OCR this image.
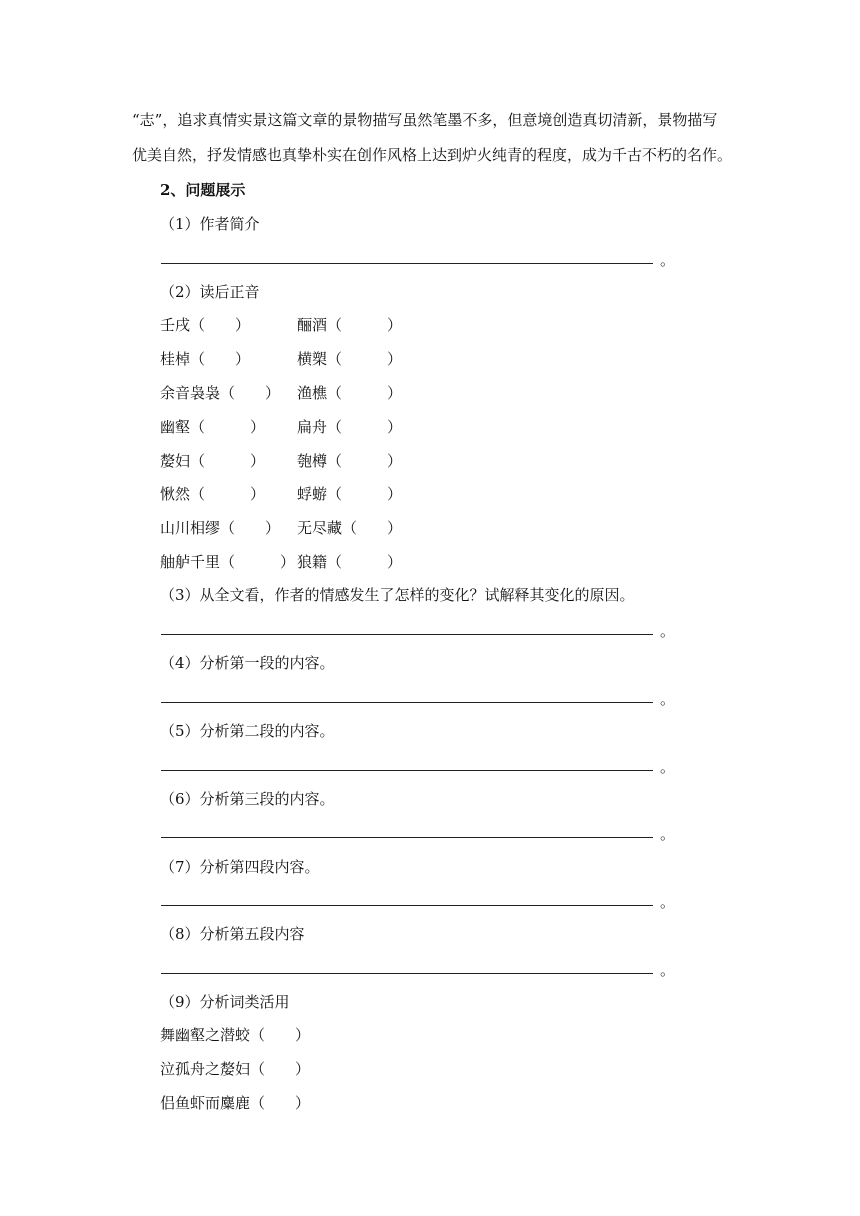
“志”，追求真情实景这篇文章的景物描写虽然笔墨不多，但意境创造真切清新，景物描写
优美自然，抒发情感也真挚朴实在创作风格上达到炉火纯青的程度，成为千古不朽的名作。
2、问题展示
（1）作者简介
。
（2）读后正音
壬戌（　　）	酾酒（　　　）
桂棹（　　）	横槊（　　　）
余音袅袅（　　） 渔樵（　　　）
幽壑（　　　） 扁舟（　　　）
嫠妇（　　　） 匏樽（　　　）
愀然（　　　） 蜉蝣（　　　）
山川相缪（　　） 无尽藏（　　）
舳舻千里（　　　） 狼籍（　　　）
（3）从全文看，作者的情感发生了怎样的变化？试解释其变化的原因。
。
（4）分析第一段的内容。
。
（5）分析第二段的内容。
。
（6）分析第三段的内容。
。
（7）分析第四段内容。
。
（8）分析第五段内容
。
（9）分析词类活用
舞幽壑之潜蛟（　　）
泣孤舟之嫠妇（　　）
侣鱼虾而麋鹿（　　）
